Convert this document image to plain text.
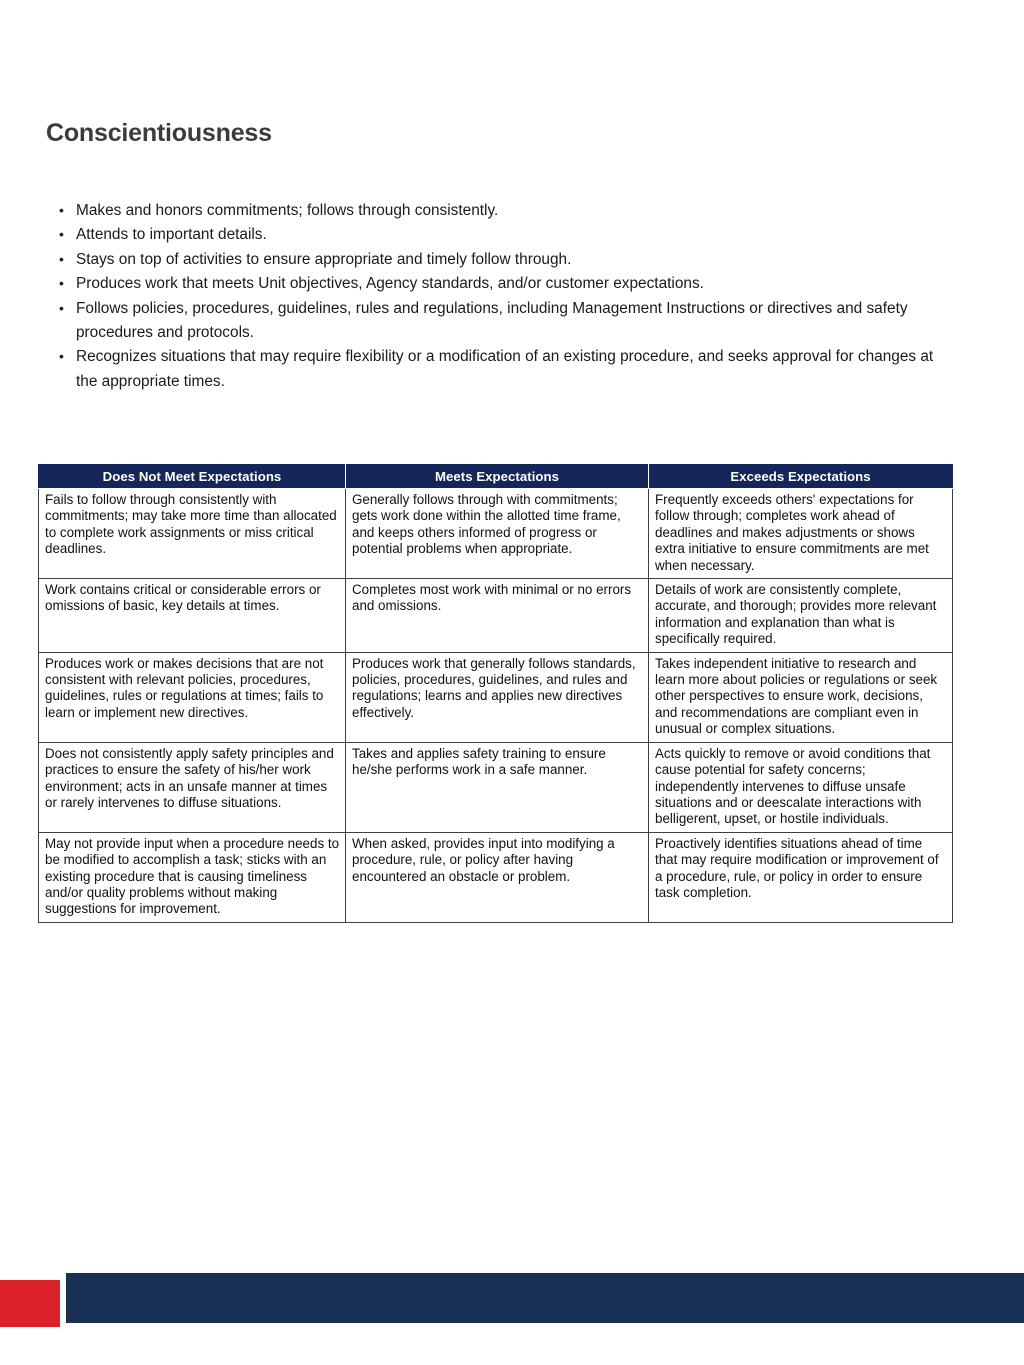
Conscientiousness
• Makes and honors commitments; follows through consistently.
• Attends to important details.
• Stays on top of activities to ensure appropriate and timely follow through.
• Produces work that meets Unit objectives, Agency standards, and/or customer expectations.
• Follows policies, procedures, guidelines, rules and regulations, including Management Instructions or directives and safety procedures and protocols.
• Recognizes situations that may require flexibility or a modification of an existing procedure, and seeks approval for changes at the appropriate times.
Does Not Meet Expectations	Meets Expectations	Exceeds Expectations
Fails to follow through consistently with commitments; may take more time than allocated to complete work assignments or miss critical deadlines.	Generally follows through with commitments; gets work done within the allotted time frame, and keeps others informed of progress or potential problems when appropriate.	Frequently exceeds others' expectations for follow through; completes work ahead of deadlines and makes adjustments or shows extra initiative to ensure commitments are met when necessary.
Work contains critical or considerable errors or omissions of basic, key details at times.	Completes most work with minimal or no errors and omissions.	Details of work are consistently complete, accurate, and thorough; provides more relevant information and explanation than what is specifically required.
Produces work or makes decisions that are not consistent with relevant policies, procedures, guidelines, rules or regulations at times; fails to learn or implement new directives.	Produces work that generally follows standards, policies, procedures, guidelines, and rules and regulations; learns and applies new directives effectively.	Takes independent initiative to research and learn more about policies or regulations or seek other perspectives to ensure work, decisions, and recommendations are compliant even in unusual or complex situations.
Does not consistently apply safety principles and practices to ensure the safety of his/her work environment; acts in an unsafe manner at times or rarely intervenes to diffuse situations.	Takes and applies safety training to ensure he/she performs work in a safe manner.	Acts quickly to remove or avoid conditions that cause potential for safety concerns; independently intervenes to diffuse unsafe situations and or deescalate interactions with belligerent, upset, or hostile individuals.
May not provide input when a procedure needs to be modified to accomplish a task; sticks with an existing procedure that is causing timeliness and/or quality problems without making suggestions for improvement.	When asked, provides input into modifying a procedure, rule, or policy after having encountered an obstacle or problem.	Proactively identifies situations ahead of time that may require modification or improvement of a procedure, rule, or policy in order to ensure task completion.
